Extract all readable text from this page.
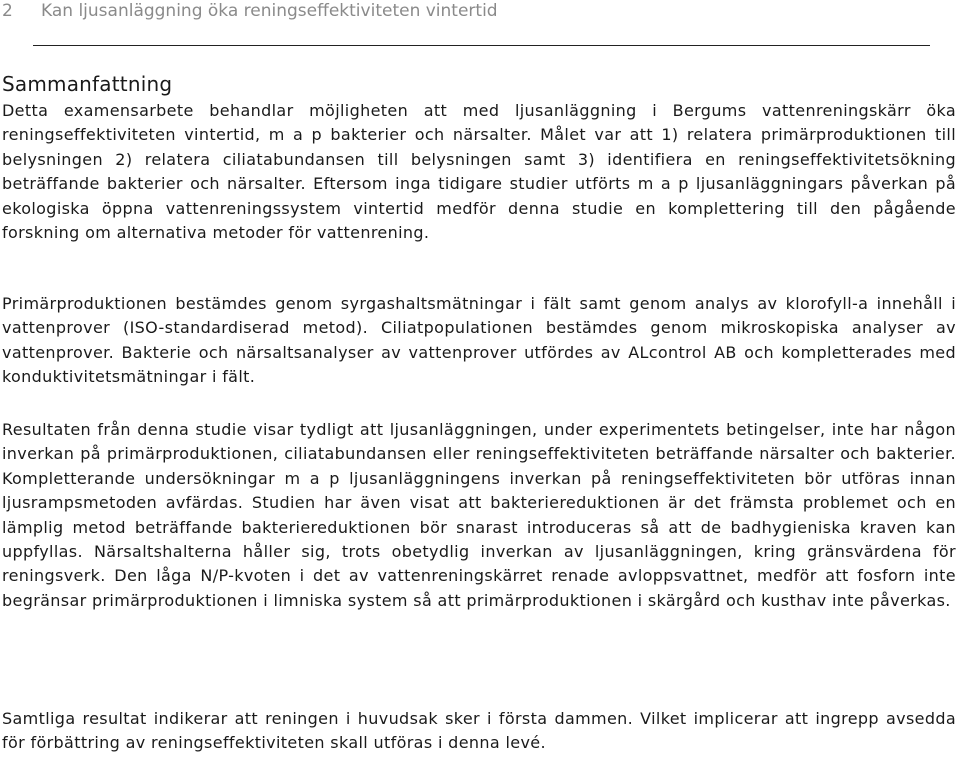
2 Kan ljusanläggning öka reningseffektiviteten vintertid
Sammanfattning

Detta examensarbete behandlar möjligheten att med ljusanläggning i Bergums vattenreningskärr öka reningseffektiviteten vintertid, m a p bakterier och närsalter. Målet var att 1) relatera primärproduktionen till belysningen 2) relatera ciliatabundansen till belysningen samt 3) identifiera en reningseffektivitetsökning beträffande bakterier och närsalter. Eftersom inga tidigare studier utförts m a p ljusanläggningars påverkan på ekologiska öppna vattenreningssystem vintertid medför denna studie en komplettering till den pågående forskning om alternativa metoder för vattenrening.

Primärproduktionen bestämdes genom syrgashaltsmätningar i fält samt genom analys av klorofyll-a innehåll i vattenprover (ISO-standardiserad metod). Ciliatpopulationen bestämdes genom mikroskopiska analyser av vattenprover. Bakterie och närsaltsanalyser av vattenprover utfördes av ALcontrol AB och kompletterades med konduktivitetsmätningar i fält.

Resultaten från denna studie visar tydligt att ljusanläggningen, under experimentets betingelser, inte har någon inverkan på primärproduktionen, ciliatabundansen eller reningseffektiviteten beträffande närsalter och bakterier. Kompletterande undersökningar m a p ljusanläggningens inverkan på reningseffektiviteten bör utföras innan ljusrampsmetoden avfärdas. Studien har även visat att bakteriereduktionen är det främsta problemet och en lämplig metod beträffande bakteriereduktionen bör snarast introduceras så att de badhygieniska kraven kan uppfyllas. Närsaltshalterna håller sig, trots obetydlig inverkan av ljusanläggningen, kring gränsvärdena för reningsverk. Den låga N/P-kvoten i det av vattenreningskärret renade avloppsvattnet, medför att fosforn inte begränsar primärproduktionen i limniska system så att primärproduktionen i skärgård och kusthav inte påverkas.

Samtliga resultat indikerar att reningen i huvudsak sker i första dammen. Vilket implicerar att ingrepp avsedda för förbättring av reningseffektiviteten skall utföras i denna levé.
